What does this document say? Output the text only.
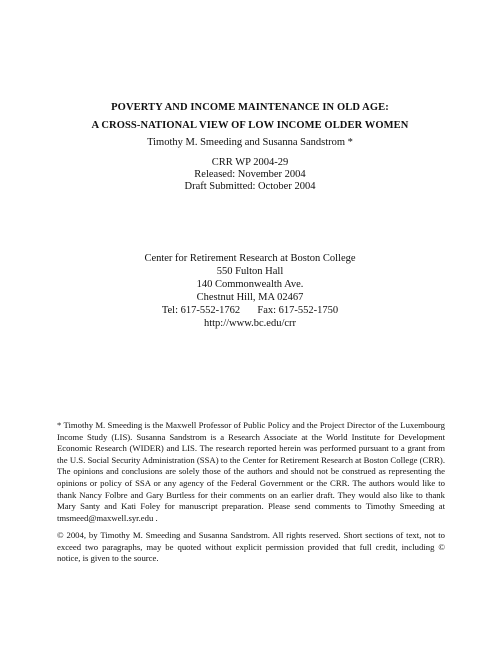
POVERTY AND INCOME MAINTENANCE IN OLD AGE:
A CROSS-NATIONAL VIEW OF LOW INCOME OLDER WOMEN
Timothy M. Smeeding and Susanna Sandstrom *
CRR WP 2004-29
Released: November 2004
Draft Submitted: October 2004
Center for Retirement Research at Boston College
550 Fulton Hall
140 Commonwealth Ave.
Chestnut Hill, MA 02467
Tel: 617-552-1762 Fax: 617-552-1750
http://www.bc.edu/crr
* Timothy M. Smeeding is the Maxwell Professor of Public Policy and the Project Director of the Luxembourg Income Study (LIS). Susanna Sandstrom is a Research Associate at the World Institute for Development Economic Research (WIDER) and LIS. The research reported herein was performed pursuant to a grant from the U.S. Social Security Administration (SSA) to the Center for Retirement Research at Boston College (CRR). The opinions and conclusions are solely those of the authors and should not be construed as representing the opinions or policy of SSA or any agency of the Federal Government or the CRR. The authors would like to thank Nancy Folbre and Gary Burtless for their comments on an earlier draft. They would also like to thank Mary Santy and Kati Foley for manuscript preparation. Please send comments to Timothy Smeeding at tmsmeed@maxwell.syr.edu .
© 2004, by Timothy M. Smeeding and Susanna Sandstrom. All rights reserved. Short sections of text, not to exceed two paragraphs, may be quoted without explicit permission provided that full credit, including © notice, is given to the source.
